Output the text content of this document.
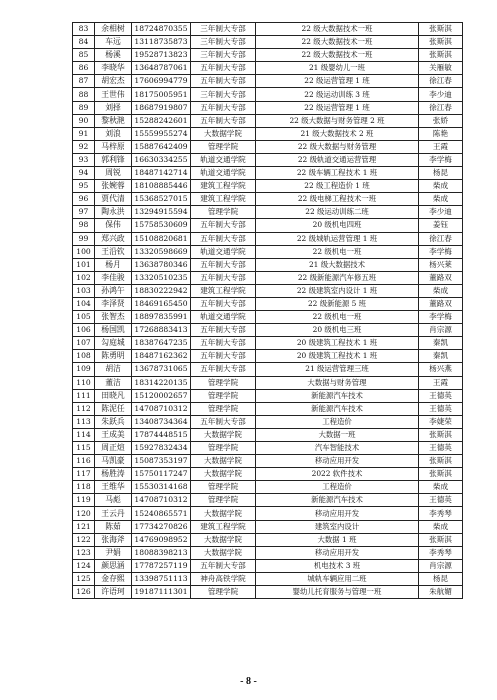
83	余相树	18724870355	三年制大专部	22 级大数据技术一班	张斯淇
84	车远	13118735873	三年制大专部	22 级大数据技术一班	张斯淇
85	杨溪	19528713823	三年制大专部	22 级大数据技术一班	张斯淇
86	李晓华	13648787061	五年制大专部	21 级婴幼儿一班	关雁敏
87	胡宏杰	17606994779	五年制大专部	22 级运营管理 1 班	徐江春
88	王世伟	18175005951	三年制大专部	22 级运动训练 3 班	李少迪
89	刘择	18687919807	五年制大专部	22 级运营管理 1 班	徐江春
90	黎秋滟	15288242601	五年制大专部	22 级大数据与财务管理 2 班	张娇
91	刘浪	15559955274	大数据学院	21 级大数据技术 2 班	陈艳
92	马梓原	15887642409	管理学院	22 级大数据与财务管理	王霞
93	郭利锋	16630334255	轨道交通学院	22 级轨道交通运营管理	李学梅
94	周锐	18487142714	轨道交通学院	22 级车辆工程技术 1 班	杨昆
95	张婉蓉	18108885446	建筑工程学院	22 级工程造价 1 班	柴成
96	贾代清	15368527015	建筑工程学院	22 级电梯工程技术一班	柴成
97	陶永洪	13294915594	管理学院	22 级运动训练二班	李少迪
98	保伟	15758530609	五年制大专部	20 级机电四班	姜钰
99	郑兴政	15108820681	五年制大专部	22 级城轨运营管理 1 班	徐江春
100	王沿钦	13320598669	轨道交通学院	22 级机电一班	李学梅
101	杨月	13638780346	五年制大专部	21 级大数据技术	杨兴莱
102	李佳骏	13320510235	五年制大专部	22 级新能源汽车修五班	董路双
103	孙鸿午	18830222942	建筑工程学院	22 级建筑室内设计 1 班	柴成
104	李泽贤	18469165450	五年制大专部	22 级新能源 5 班	董路双
105	张智杰	18897835991	轨道交通学院	22 级机电一班	李学梅
106	杨国凯	17268883413	五年制大专部	20 级机电三班	肖宗源
107	勾庭城	18387647235	五年制大专部	20 级建筑工程技术 1 班	秦凯
108	陈勇明	18487162362	五年制大专部	20 级建筑工程技术 1 班	秦凯
109	胡洁	13678731065	五年制大专部	21 级运营管理三班	杨兴燕
110	董洁	18314220135	管理学院	大数据与财务管理	王霞
111	田晓凡	15120002657	管理学院	新能源汽车技术	王德英
112	陈泥任	14708710312	管理学院	新能源汽车技术	王德英
113	朱跃兵	13408734364	五年制大专部	工程造价	李婕荣
114	王成美	17874448515	大数据学院	大数据一班	张斯淇
115	周正煊	15927832434	管理学院	汽车智能技术	王德英
116	马凯豪	15087353197	大数据学院	移动应用开发	张斯淇
117	杨胜涛	15750117247	大数据学院	2022 软件技术	张斯淇
118	王维华	15530314168	管理学院	工程造价	柴成
119	马彪	14708710312	管理学院	新能源汽车技术	王德英
120	王云丹	15240865571	大数据学院	移动应用开发	李秀琴
121	陈茹	17734270826	建筑工程学院	建筑室内设计	柴成
122	张海斧	14769098952	大数据学院	大数据 1 班	张斯淇
123	尹娟	18088398213	大数据学院	移动应用开发	李秀琴
124	颜思涵	17787257119	五年制大专部	机电技术 3 班	肖宗源
125	金存熙	13398751113	神舟高铁学院	城轨车辆应用二班	杨昆
126	许语珂	19187111301	管理学院	婴幼儿托育服务与管理一班	朱航媚
- 8 -
